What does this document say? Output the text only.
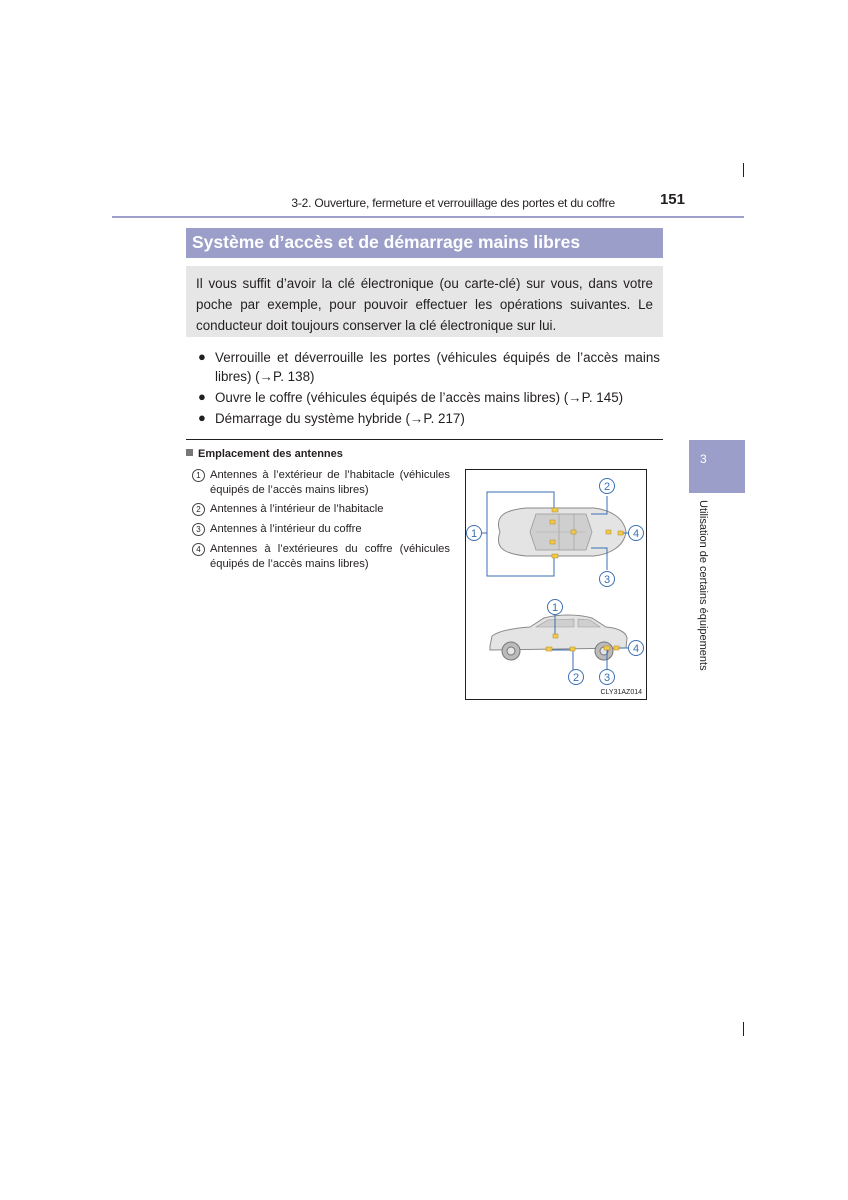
3-2. Ouverture, fermeture et verrouillage des portes et du coffre	151
Système d’accès et de démarrage mains libres
Il vous suffit d’avoir la clé électronique (ou carte-clé) sur vous, dans votre poche par exemple, pour pouvoir effectuer les opérations suivantes. Le conducteur doit toujours conserver la clé électronique sur lui.
● Verrouille et déverrouille les portes (véhicules équipés de l’accès mains libres) (→P. 138)
● Ouvre le coffre (véhicules équipés de l’accès mains libres) (→P. 145)
● Démarrage du système hybride (→P. 217)
Emplacement des antennes
1 Antennes à l’extérieur de l’habitacle (véhicules équipés de l’accès mains libres)
2 Antennes à l’intérieur de l’habitacle
3 Antennes à l’intérieur du coffre
4 Antennes à l’extérieures du coffre (véhicules équipés de l’accès mains libres)
1
2
4
3
1
2 3
4
CLY31AZ014
3
Utilisation de certains équipements
